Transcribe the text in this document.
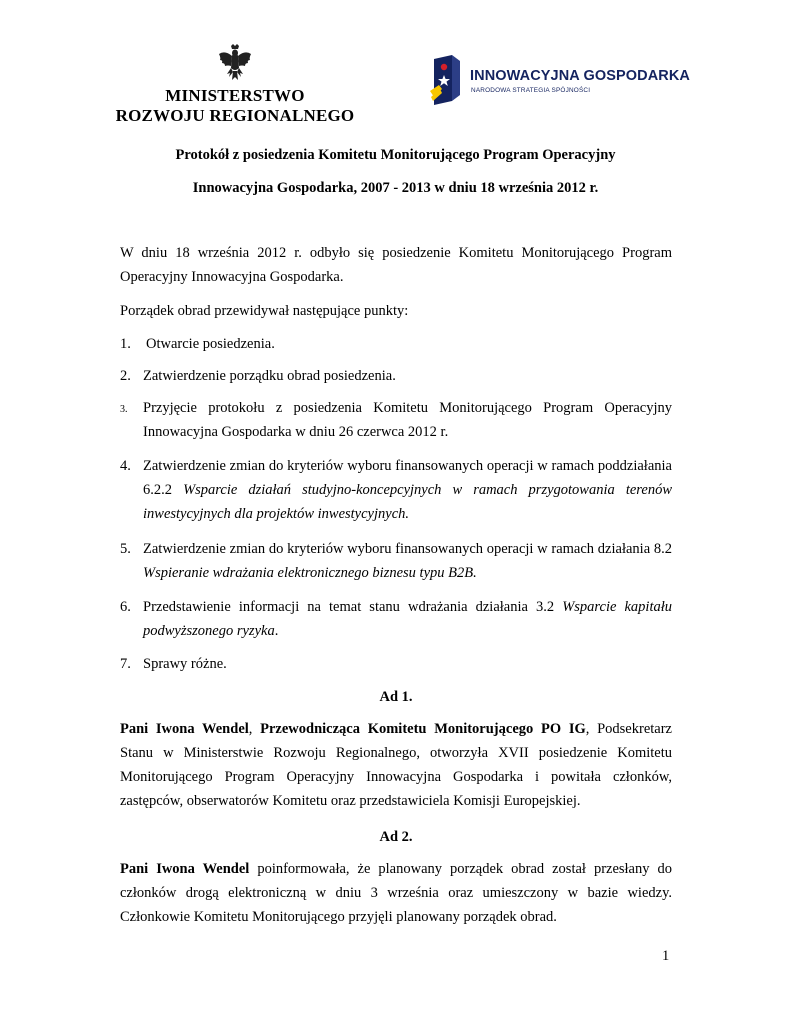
MINISTERSTWO
ROZWOJU REGIONALNEGO
INNOWACYJNA GOSPODARKA
NARODOWA STRATEGIA SPÓJNOŚCI
Protokół z posiedzenia Komitetu Monitorującego Program Operacyjny
Innowacyjna Gospodarka, 2007 - 2013 w dniu 18 września 2012 r.
W dniu 18 września 2012 r. odbyło się posiedzenie Komitetu Monitorującego Program Operacyjny Innowacyjna Gospodarka.
Porządek obrad przewidywał następujące punkty:
1. Otwarcie posiedzenia.
2. Zatwierdzenie porządku obrad posiedzenia.
3. Przyjęcie protokołu z posiedzenia Komitetu Monitorującego Program Operacyjny Innowacyjna Gospodarka w dniu 26 czerwca 2012 r.
4. Zatwierdzenie zmian do kryteriów wyboru finansowanych operacji w ramach poddziałania 6.2.2 Wsparcie działań studyjno-koncepcyjnych w ramach przygotowania terenów inwestycyjnych dla projektów inwestycyjnych.
5. Zatwierdzenie zmian do kryteriów wyboru finansowanych operacji w ramach działania 8.2 Wspieranie wdrażania elektronicznego biznesu typu B2B.
6. Przedstawienie informacji na temat stanu wdrażania działania 3.2 Wsparcie kapitału podwyższonego ryzyka.
7. Sprawy różne.
Ad 1.
Pani Iwona Wendel, Przewodnicząca Komitetu Monitorującego PO IG, Podsekretarz Stanu w Ministerstwie Rozwoju Regionalnego, otworzyła XVII posiedzenie Komitetu Monitorującego Program Operacyjny Innowacyjna Gospodarka i powitała członków, zastępców, obserwatorów Komitetu oraz przedstawiciela Komisji Europejskiej.
Ad 2.
Pani Iwona Wendel poinformowała, że planowany porządek obrad został przesłany do członków drogą elektroniczną w dniu 3 września oraz umieszczony w bazie wiedzy. Członkowie Komitetu Monitorującego przyjęli planowany porządek obrad.
1
